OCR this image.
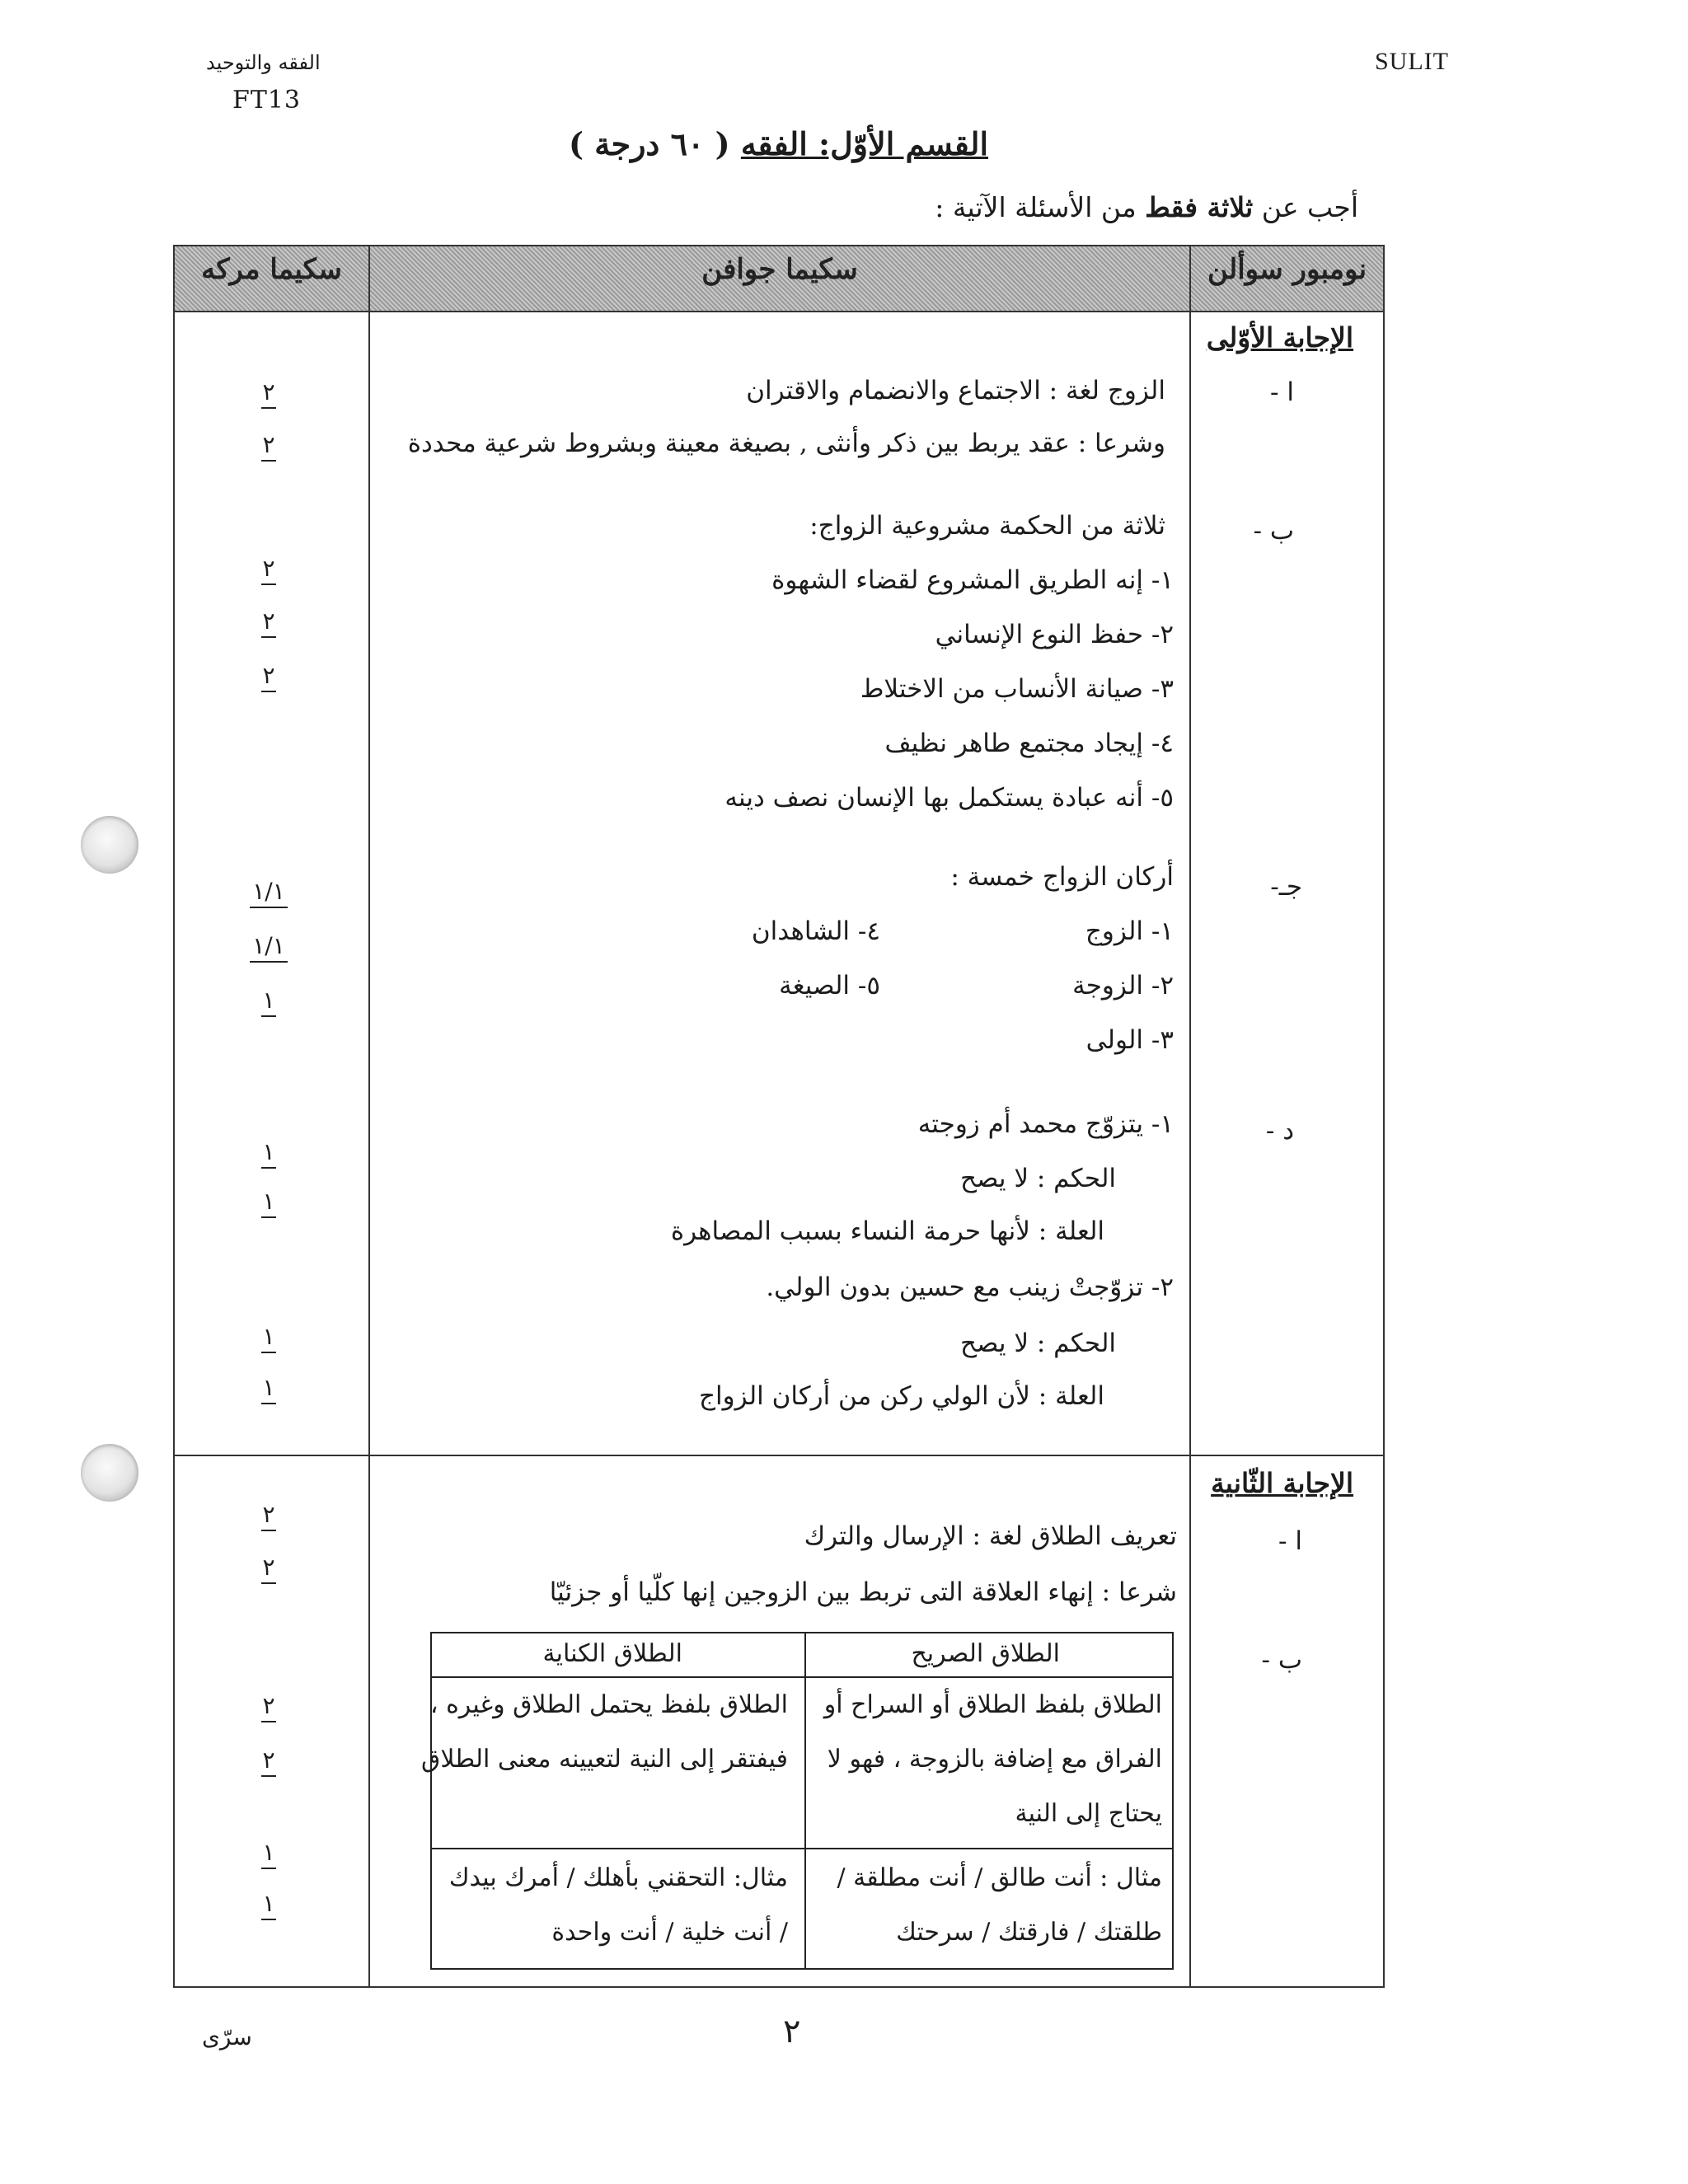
الفقه والتوحيد
FT13
SULIT
القسم الأوّل: الفقه ( ٦٠ درجة )
أجب عن ثلاثة فقط من الأسئلة الآتية :
نومبور سوألن
سكيما جوافن
سكيما مركه
الإجابة الأوّلى
ا -
الزوج لغة : الاجتماع والانضمام والاقتران
وشرعا : عقد يربط بين ذكر وأنثى , بصيغة معينة وبشروط شرعية محددة
ب -
ثلاثة من الحكمة مشروعية الزواج:
١- إنه الطريق المشروع لقضاء الشهوة
٢- حفظ النوع الإنساني
٣- صيانة الأنساب من الاختلاط
٤- إيجاد مجتمع طاهر نظيف
٥- أنه عبادة يستكمل بها الإنسان نصف دينه
جـ-
أركان الزواج خمسة :
١- الزوج
٢- الزوجة
٣- الولى
٤- الشاهدان
٥- الصيغة
د -
١- يتزوّج محمد أم زوجته
الحكم : لا يصح
العلة : لأنها حرمة النساء بسبب المصاهرة
٢- تزوّجتْ زينب مع حسين بدون الولي.
الحكم : لا يصح
العلة : لأن الولي ركن من أركان الزواج
٢
٢
٢
٢
٢
١/١
١/١
١
١
١
١
١
الإجابة الثّانية
ا -
تعريف الطلاق لغة : الإرسال والترك
شرعا : إنهاء العلاقة التى تربط بين الزوجين إنها كلّيا أو جزئيّا
ب -
الطلاق الصريح
الطلاق الكناية
الطلاق بلفظ الطلاق أو السراح أو
الفراق مع إضافة بالزوجة ، فهو لا
يحتاج إلى النية
الطلاق بلفظ يحتمل الطلاق وغيره ،
فيفتقر إلى النية لتعيينه معنى الطلاق
مثال : أنت طالق / أنت مطلقة /
طلقتك / فارقتك / سرحتك
مثال: التحقني بأهلك / أمرك بيدك
/ أنت خلية / أنت واحدة
٢
٢
٢
٢
١
١
٢
سرّى
